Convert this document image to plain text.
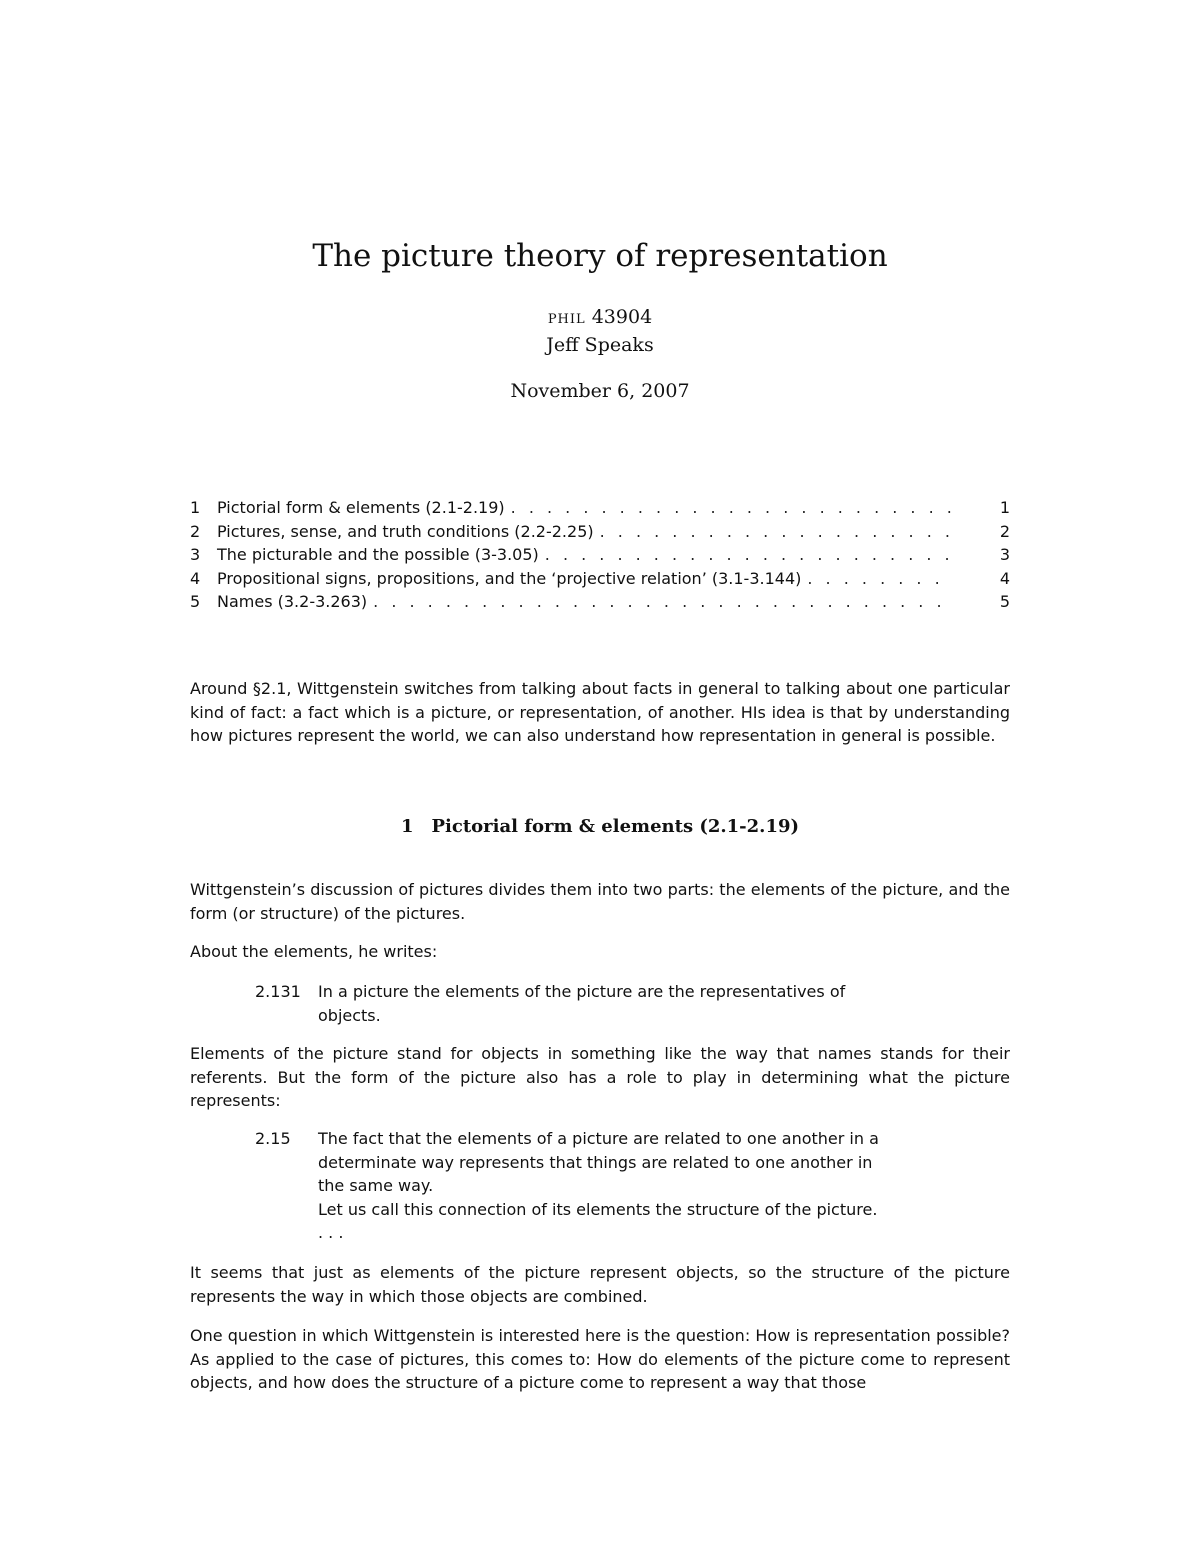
The picture theory of representation
phil 43904
Jeff Speaks
November 6, 2007
1	Pictorial form & elements (2.1-2.19) . . .	1
2	Pictures, sense, and truth conditions (2.2-2.25) . . .	2
3	The picturable and the possible (3-3.05) . . .	3
4	Propositional signs, propositions, and the ‘projective relation’ (3.1-3.144) . . .	4
5	Names (3.2-3.263) . . .	5

Around §2.1, Wittgenstein switches from talking about facts in general to talking about one particular kind of fact: a fact which is a picture, or representation, of another. HIs idea is that by understanding how pictures represent the world, we can also understand how representation in general is possible.

1 Pictorial form & elements (2.1-2.19)

Wittgenstein’s discussion of pictures divides them into two parts: the elements of the picture, and the form (or structure) of the pictures.

About the elements, he writes:

2.131	In a picture the elements of the picture are the representatives of objects.

Elements of the picture stand for objects in something like the way that names stands for their referents. But the form of the picture also has a role to play in determining what the picture represents:

2.15	The fact that the elements of a picture are related to one another in a determinate way represents that things are related to one another in the same way.

Let us call this connection of its elements the structure of the picture. . . .

It seems that just as elements of the picture represent objects, so the structure of the picture represents the way in which those objects are combined.

One question in which Wittgenstein is interested here is the question: How is representation possible? As applied to the case of pictures, this comes to: How do elements of the picture come to represent objects, and how does the structure of a picture come to represent a way that those
